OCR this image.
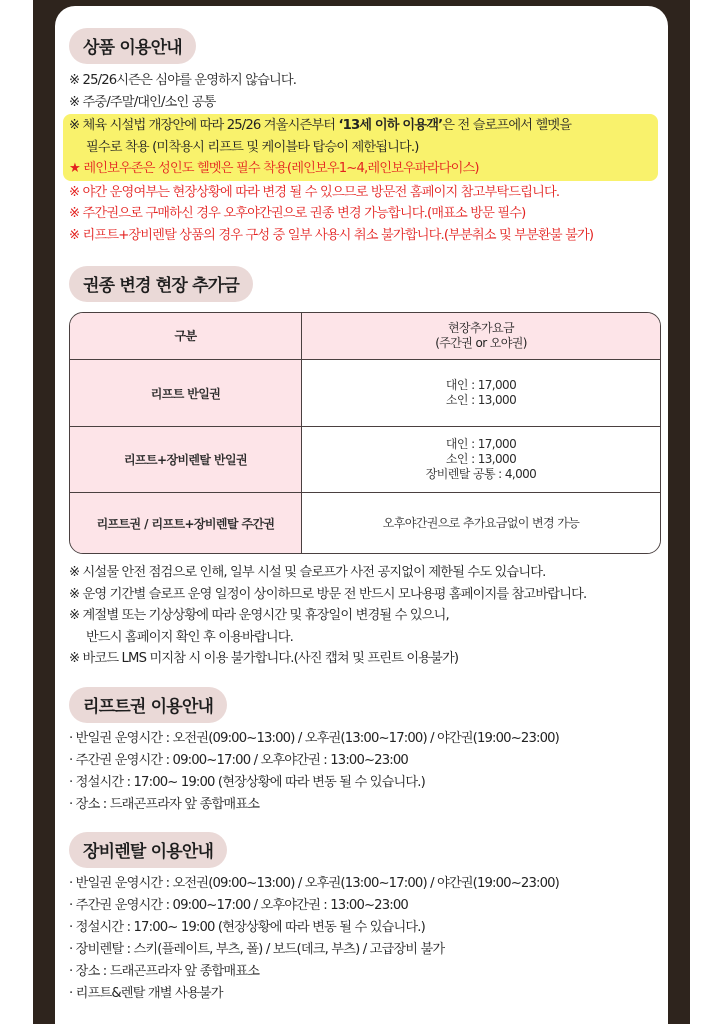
상품 이용안내
※ 25/26시즌은 심야를 운영하지 않습니다.
※ 주중/주말/대인/소인 공통
※ 체육 시설법 개장안에 따라 25/26 겨울시즌부터 ‘13세 이하 이용객’은 전 슬로프에서 헬멧을
필수로 착용 (미착용시 리프트 및 케이블타 탑승이 제한됩니다.)
★ 레인보우존은 성인도 헬멧은 필수 착용(레인보우1~4,레인보우파라다이스)
※ 야간 운영여부는 현장상황에 따라 변경 될 수 있으므로 방문전 홈페이지 참고부탁드립니다.
※ 주간권으로 구매하신 경우 오후야간권으로 권종 변경 가능합니다.(매표소 방문 필수)
※ 리프트+장비렌탈 상품의 경우 구성 중 일부 사용시 취소 불가합니다.(부분취소 및 부분환불 불가)
권종 변경 현장 추가금
구분	현장추가요금
(주간권 or 오야권)

리프트 반일권	대인 : 17,000
소인 : 13,000

리프트+장비렌탈 반일권	대인 : 17,000
소인 : 13,000
장비렌탈 공통 : 4,000

리프트권 / 리프트+장비렌탈 주간권	오후야간권으로 추가요금없이 변경 가능
※ 시설물 안전 점검으로 인해, 일부 시설 및 슬로프가 사전 공지없이 제한될 수도 있습니다.
※ 운영 기간별 슬로프 운영 일정이 상이하므로 방문 전 반드시 모나용평 홈페이지를 참고바랍니다.
※ 계절별 또는 기상상황에 따라 운영시간 및 휴장일이 변경될 수 있으니,
반드시 홈페이지 확인 후 이용바랍니다.
※ 바코드 LMS 미지참 시 이용 불가합니다.(사진 캡쳐 및 프린트 이용불가)
리프트권 이용안내
· 반일권 운영시간 : 오전권(09:00~13:00) / 오후권(13:00~17:00) / 야간권(19:00~23:00)
· 주간권 운영시간 : 09:00~17:00 / 오후야간권 : 13:00~23:00
· 정설시간 : 17:00~ 19:00 (현장상황에 따라 변동 될 수 있습니다.)
· 장소 : 드래곤프라자 앞 종합매표소
장비렌탈 이용안내
· 반일권 운영시간 : 오전권(09:00~13:00) / 오후권(13:00~17:00) / 야간권(19:00~23:00)
· 주간권 운영시간 : 09:00~17:00 / 오후야간권 : 13:00~23:00
· 정설시간 : 17:00~ 19:00 (현장상황에 따라 변동 될 수 있습니다.)
· 장비렌탈 : 스키(플레이트, 부츠, 폴) / 보드(데크, 부츠) / 고급장비 불가
· 장소 : 드래곤프라자 앞 종합매표소
· 리프트&렌탈 개별 사용불가
